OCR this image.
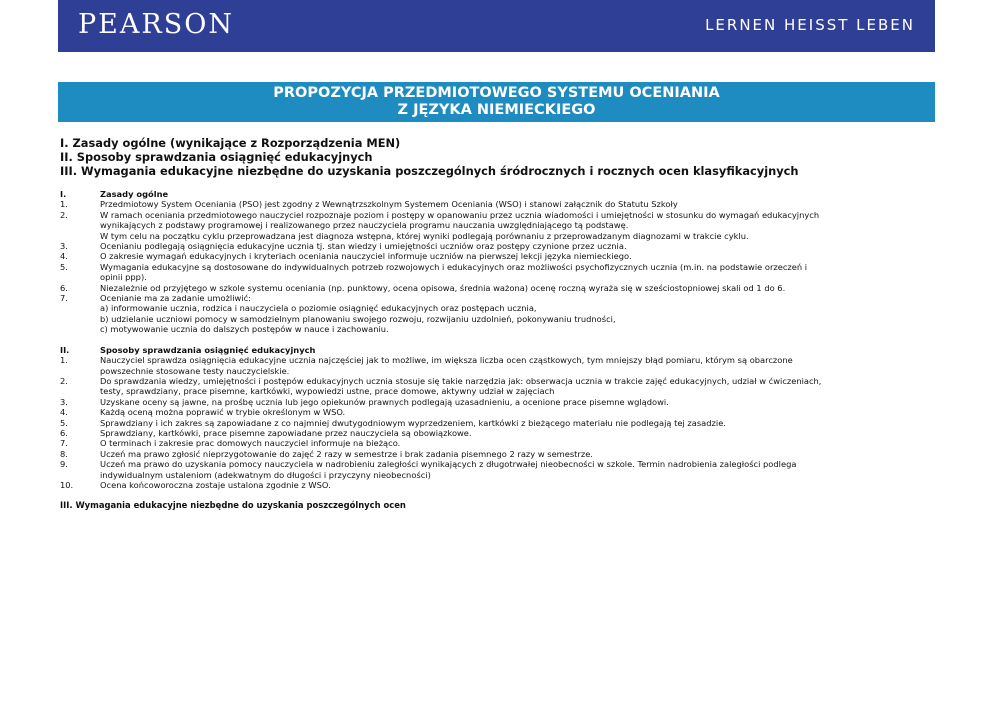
PEARSON	LERNEN HEISST LEBEN
PROPOZYCJA PRZEDMIOTOWEGO SYSTEMU OCENIANIA
Z JĘZYKA NIEMIECKIEGO
I. Zasady ogólne (wynikające z Rozporządzenia MEN)
II. Sposoby sprawdzania osiągnięć edukacyjnych
III. Wymagania edukacyjne niezbędne do uzyskania poszczególnych śródrocznych i rocznych ocen klasyfikacyjnych
I.	Zasady ogólne
1.	Przedmiotowy System Oceniania (PSO) jest zgodny z Wewnątrzszkolnym Systemem Oceniania (WSO) i stanowi załącznik do Statutu Szkoły
2.	W ramach oceniania przedmiotowego nauczyciel rozpoznaje poziom i postępy w opanowaniu przez ucznia wiadomości i umiejętności w stosunku do wymagań edukacyjnych
wynikających z podstawy programowej i realizowanego przez nauczyciela programu nauczania uwzględniającego tą podstawę.
W tym celu na początku cyklu przeprowadzana jest diagnoza wstępna, której wyniki podlegają porównaniu z przeprowadzanym diagnozami w trakcie cyklu.
3.	Ocenianiu podlegają osiągnięcia edukacyjne ucznia tj. stan wiedzy i umiejętności uczniów oraz postępy czynione przez ucznia.
4.	O zakresie wymagań edukacyjnych i kryteriach oceniania nauczyciel informuje uczniów na pierwszej lekcji języka niemieckiego.
5.	Wymagania edukacyjne są dostosowane do indywidualnych potrzeb rozwojowych i edukacyjnych oraz możliwości psychofizycznych ucznia (m.in. na podstawie orzeczeń i
opinii ppp).
6.	Niezależnie od przyjętego w szkole systemu oceniania (np. punktowy, ocena opisowa, średnia ważona) ocenę roczną wyraża się w sześciostopniowej skali od 1 do 6.
7.	Ocenianie ma za zadanie umożliwić:
a) informowanie ucznia, rodzica i nauczyciela o poziomie osiągnięć edukacyjnych oraz postępach ucznia,
b) udzielanie uczniowi pomocy w samodzielnym planowaniu swojego rozwoju, rozwijaniu uzdolnień, pokonywaniu trudności,
c) motywowanie ucznia do dalszych postępów w nauce i zachowaniu.
II.	Sposoby sprawdzania osiągnięć edukacyjnych
1.	Nauczyciel sprawdza osiągnięcia edukacyjne ucznia najczęściej jak to możliwe, im większa liczba ocen cząstkowych, tym mniejszy błąd pomiaru, którym są obarczone
powszechnie stosowane testy nauczycielskie.
2.	Do sprawdzania wiedzy, umiejętności i postępów edukacyjnych ucznia stosuje się takie narzędzia jak: obserwacja ucznia w trakcie zajęć edukacyjnych, udział w ćwiczeniach,
testy, sprawdziany, prace pisemne, kartkówki, wypowiedzi ustne, prace domowe, aktywny udział w zajęciach
3.	Uzyskane oceny są jawne, na prośbę ucznia lub jego opiekunów prawnych podlegają uzasadnieniu, a ocenione prace pisemne wglądowi.
4.	Każdą oceną można poprawić w trybie określonym w WSO.
5.	Sprawdziany i ich zakres są zapowiadane z co najmniej dwutygodniowym wyprzedzeniem, kartkówki z bieżącego materiału nie podlegają tej zasadzie.
6.	Sprawdziany, kartkówki, prace pisemne zapowiadane przez nauczyciela są obowiązkowe.
7.	O terminach i zakresie prac domowych nauczyciel informuje na bieżąco.
8.	Uczeń ma prawo zgłosić nieprzygotowanie do zajęć 2 razy w semestrze i brak zadania pisemnego 2 razy w semestrze.
9.	Uczeń ma prawo do uzyskania pomocy nauczyciela w nadrobieniu zaległości wynikających z długotrwałej nieobecności w szkole. Termin nadrobienia zaległości podlega
indywidualnym ustaleniom (adekwatnym do długości i przyczyny nieobecności)
10.	Ocena końcoworoczna zostaje ustalona zgodnie z WSO.
III. Wymagania edukacyjne niezbędne do uzyskania poszczególnych ocen
